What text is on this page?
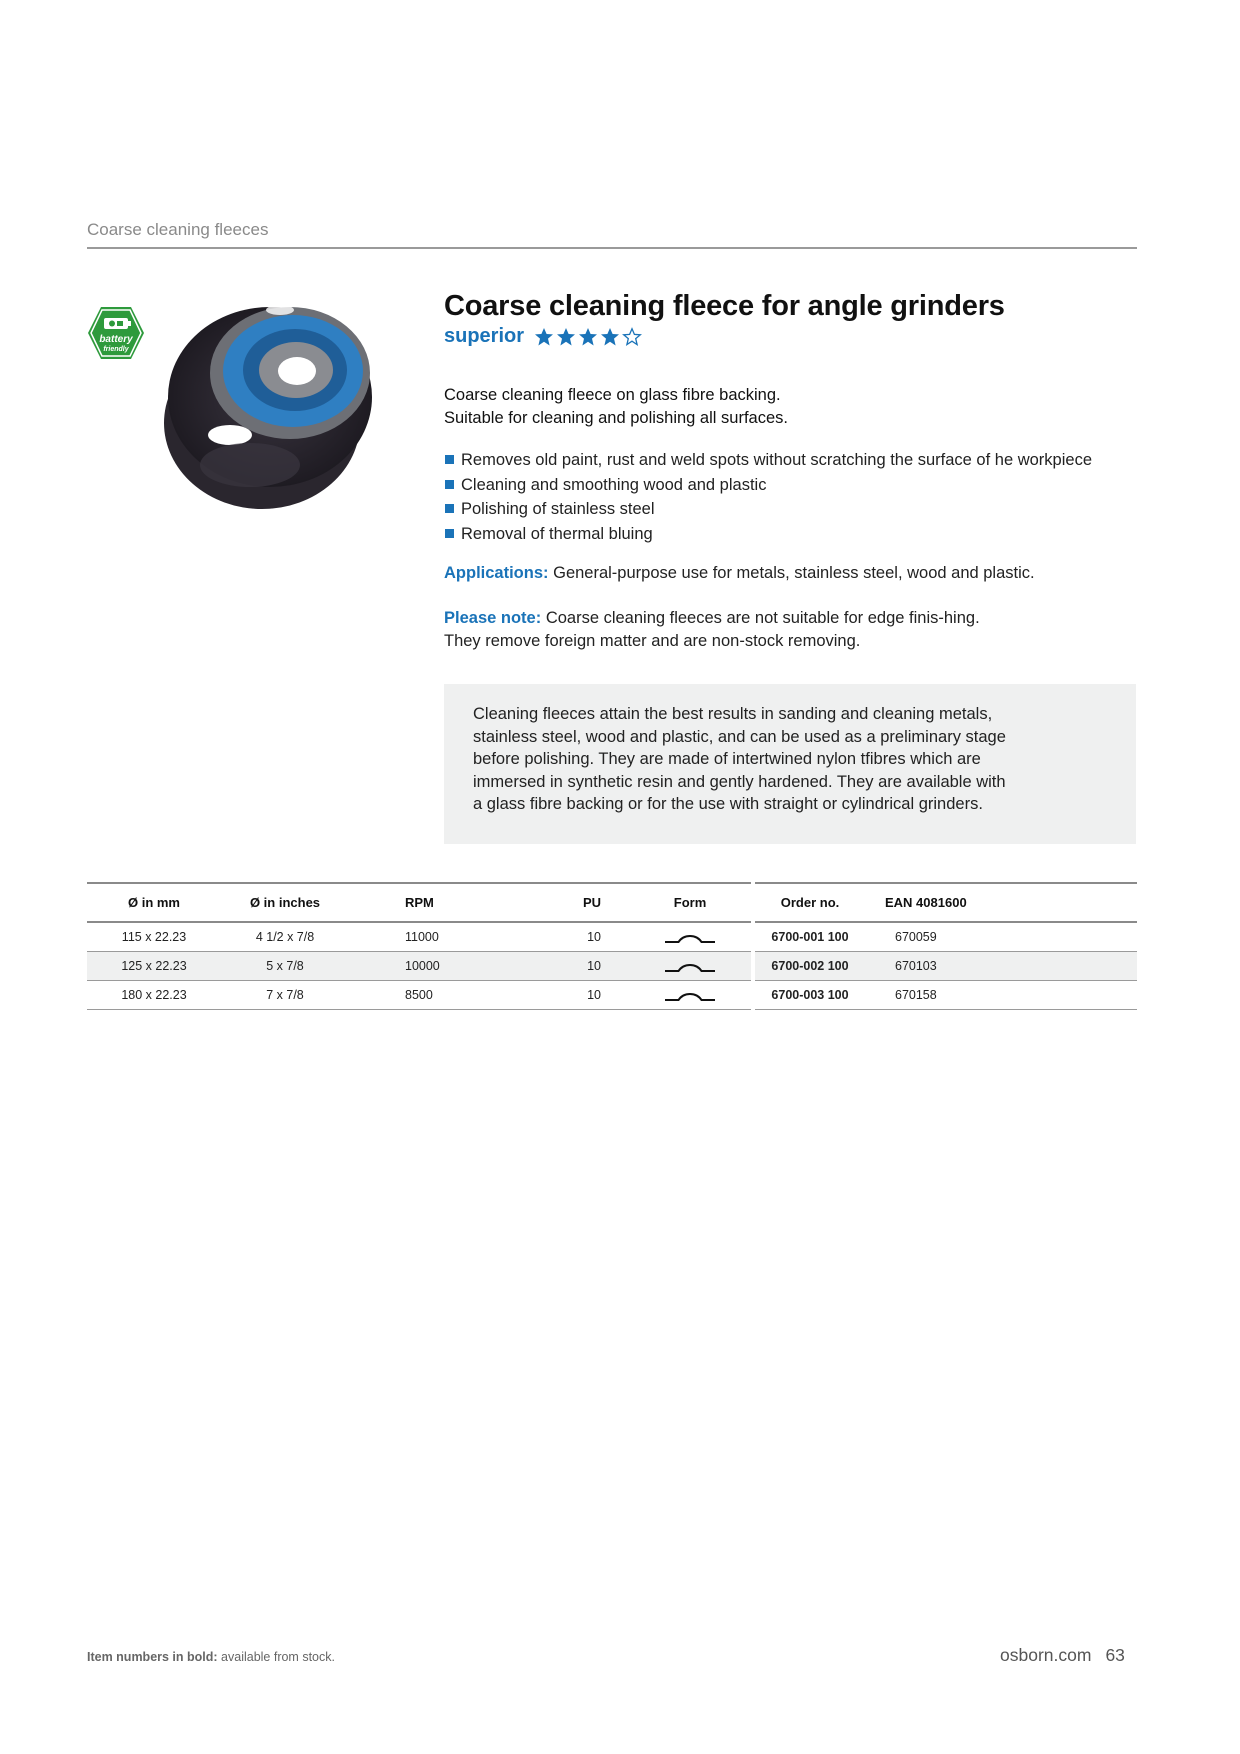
Coarse cleaning fleeces
battery
friendly
Coarse cleaning fleece for angle grinders
superior
Coarse cleaning fleece on glass fibre backing.
Suitable for cleaning and polishing all surfaces.
Removes old paint, rust and weld spots without scratching the surface of he workpiece
Cleaning and smoothing wood and plastic
Polishing of stainless steel
Removal of thermal bluing
Applications: General-purpose use for metals, stainless steel, wood and plastic.
Please note: Coarse cleaning fleeces are not suitable for edge finis-hing. They remove foreign matter and are non-stock removing.
Cleaning fleeces attain the best results in sanding and cleaning metals,
stainless steel, wood and plastic, and can be used as a preliminary stage
before polishing. They are made of intertwined nylon tfibres which are
immersed in synthetic resin and gently hardened. They are available with
a glass fibre backing or for the use with straight or cylindrical grinders.
Ø in mm	Ø in inches	RPM	PU	Form		Order no.	EAN 4081600	
115 x 22.23	4 1/2 x 7/8	11000	10			6700-001 100	670059	
125 x 22.23	5 x 7/8	10000	10			6700-002 100	670103	
180 x 22.23	7 x 7/8	8500	10			6700-003 100	670158	
Item numbers in bold: available from stock.	osborn.com 63
